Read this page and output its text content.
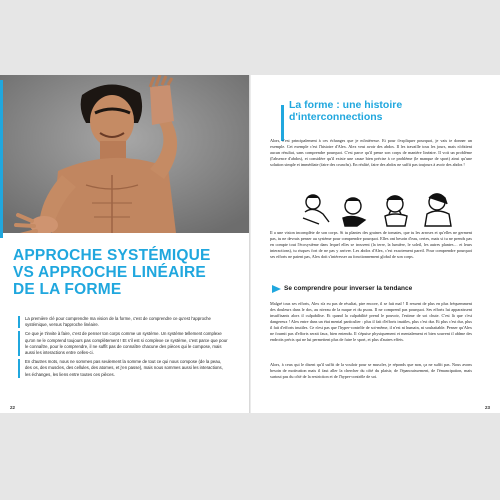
APPROCHE SYSTÉMIQUE
VS APPROCHE LINÉAIRE
DE LA FORME

La première clé pour comprendre ma vision de la forme, c'est de comprendre ce qu'est l'approche systémique, versus l'approche linéaire.

Ce que je t'invite à faire, c'est de penser ton corps comme un système. Un système tellement complexe qu'on ne le comprend toujours pas complètement ! Et s'il est si complexe ce système, c'est parce que pour le connaître, pour le comprendre, il ne suffit pas de connaître chacune des pièces qui le compose, mais aussi les interactions entre celles-ci.

En d'autres mots, nous ne sommes pas seulement la somme de tout ce qui nous compose (de la peau, des os, des muscles, des cellules, des atomes, et j'en passe), mais nous sommes aussi les interactions, les échanges, les liens entre toutes ces pièces.

22
La forme : une histoire
d'interconnections

Alors, c'est principalement à ces échanges que je m'intéresse. Et pour t'expliquer pourquoi, je vais te donner un exemple. Cet exemple c'est l'histoire d'Alex. Alex veut avoir des abdos. Il les travaille tous les jours, mais n'obtient aucun résultat, sans comprendre pourquoi. C'est parce qu'il pense son corps de manière linéaire. Il voit un problème (l'absence d'abdos), et considère qu'il existe une cause bien précise à ce problème (le manque de sport) ainsi qu'une solution simple et immédiate (faire des crunchs). En réalité, faire des abdos ne suffit pas toujours à avoir des abdos !

Il a une vision incomplète de son corps. Si tu plantes des graines de tomates, que tu les arroses et qu'elles ne germent pas, tu ne devrais penser au système pour comprendre pourquoi. Elles ont besoin d'eau, certes, mais si tu ne prends pas en compte tout l'écosystème dans lequel elles se trouvent (la terre, la lumière, le soleil, les autres plantes… et leurs interactions), tu risques fort de ne pas y arriver. Les abdos d'Alex, c'est exactement pareil. Pour comprendre pourquoi ses efforts ne paient pas, Alex doit s'intéresser au fonctionnement global de son corps.

Se comprendre pour inverser la tendance

Malgré tous ses efforts, Alex n'a eu pas de résultat, pire encore, il se fait mal ! Il ressent de plus en plus fréquemment des douleurs dans le dos, au niveau de la nuque et du psoas. Il ne comprend pas pourquoi. Ses efforts lui apparaissent insuffisants alors il culpabilise. Et quand la culpabilité prend le pouvoir, l'estime de soi chute. C'est là que c'est dangereux ! Alex entre dans un état mental particulier : plus il fait d'efforts inutiles, plus c'est dur. Et plus c'est dur, plus il fait d'efforts inutiles. Ce n'est pas que l'hyper-contrôle de soi-même, il n'est ni humain, ni souhaitable. Penser qu'Alex ne fournit pas d'efforts serait faux, bien entendu. Il s'épuise physiquement et mentalement et bien souvent il abîme des endroits précis qui ne lui permettent plus de faire le sport, et plus d'autres effets.

Alors, à ceux qui le disent qu'il suffit de la vouloir pour se muscler, je réponds que non, ça ne suffit pas. Nous avons besoin de motivation mais il faut aller la chercher du côté du plaisir, de l'épanouissement, de l'émancipation, mais surtout pas du côté de la restriction et de l'hyper-contrôle de soi.

23
